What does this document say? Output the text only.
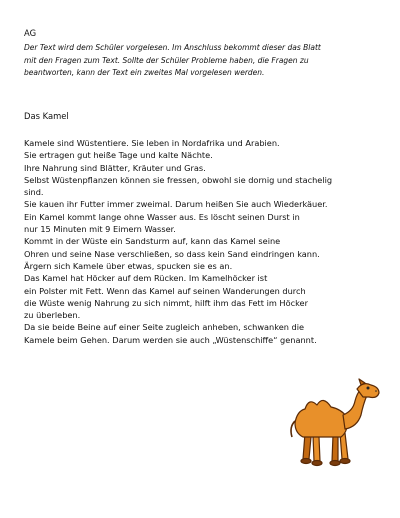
AG
Der Text wird dem Schüler vorgelesen. Im Anschluss bekommt dieser das Blatt
mit den Fragen zum Text. Sollte der Schüler Probleme haben, die Fragen zu
beantworten, kann der Text ein zweites Mal vorgelesen werden.
Das Kamel
Kamele sind Wüstentiere. Sie leben in Nordafrika und Arabien.
Sie ertragen gut heiße Tage und kalte Nächte.
Ihre Nahrung sind Blätter, Kräuter und Gras.
Selbst Wüstenpflanzen können sie fressen, obwohl sie dornig und stachelig
sind.
Sie kauen ihr Futter immer zweimal. Darum heißen Sie auch Wiederkäuer.
Ein Kamel kommt lange ohne Wasser aus. Es löscht seinen Durst in
nur 15 Minuten mit 9 Eimern Wasser.
Kommt in der Wüste ein Sandsturm auf, kann das Kamel seine
Ohren und seine Nase verschließen, so dass kein Sand eindringen kann.
Ärgern sich Kamele über etwas, spucken sie es an.
Das Kamel hat Höcker auf dem Rücken. Im Kamelhöcker ist
ein Polster mit Fett. Wenn das Kamel auf seinen Wanderungen durch
die Wüste wenig Nahrung zu sich nimmt, hilft ihm das Fett im Höcker
zu überleben.
Da sie beide Beine auf einer Seite zugleich anheben, schwanken die
Kamele beim Gehen. Darum werden sie auch „Wüstenschiffe“ genannt.
